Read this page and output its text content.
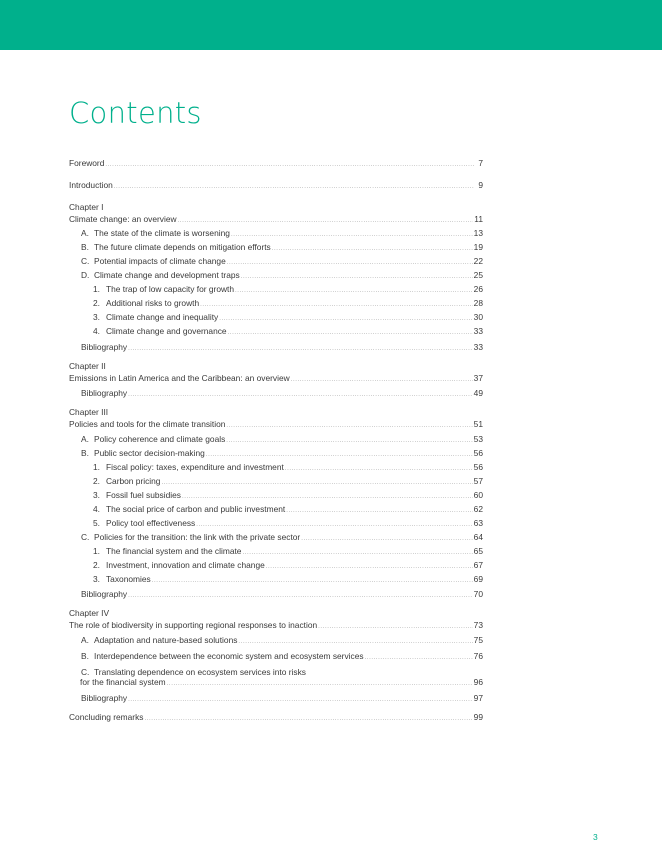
Contents
Foreword .....	7
Introduction .....	9
Chapter I
Climate change: an overview .....	11
A. The state of the climate is worsening .....	13
B. The future climate depends on mitigation efforts .....	19
C. Potential impacts of climate change .....	22
D. Climate change and development traps .....	25
1. The trap of low capacity for growth .....	26
2. Additional risks to growth .....	28
3. Climate change and inequality .....	30
4. Climate change and governance .....	33
Bibliography .....	33
Chapter II
Emissions in Latin America and the Caribbean: an overview .....	37
Bibliography .....	49
Chapter III
Policies and tools for the climate transition .....	51
A. Policy coherence and climate goals .....	53
B. Public sector decision-making .....	56
1. Fiscal policy: taxes, expenditure and investment .....	56
2. Carbon pricing .....	57
3. Fossil fuel subsidies .....	60
4. The social price of carbon and public investment .....	62
5. Policy tool effectiveness .....	63
C. Policies for the transition: the link with the private sector .....	64
1. The financial system and the climate .....	65
2. Investment, innovation and climate change .....	67
3. Taxonomies .....	69
Bibliography .....	70
Chapter IV
The role of biodiversity in supporting regional responses to inaction .....	73
A. Adaptation and nature-based solutions .....	75
B. Interdependence between the economic system and ecosystem services .....	76
C. Translating dependence on ecosystem services into risks
for the financial system .....	96
Bibliography .....	97
Concluding remarks .....	99
3
